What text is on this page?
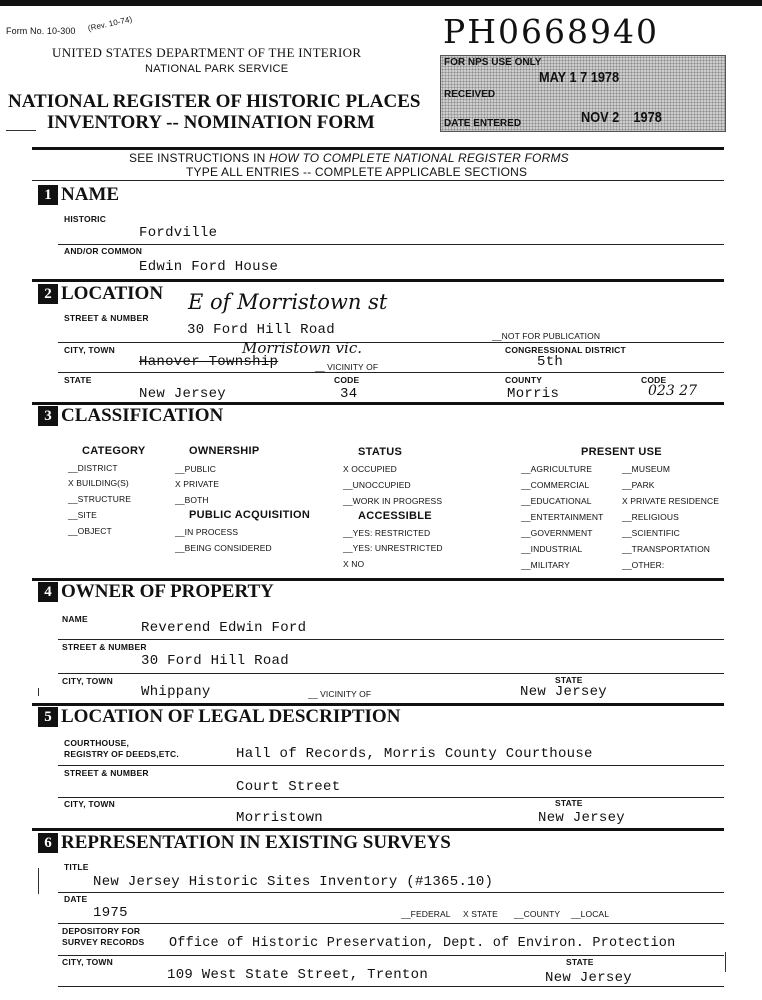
Form No. 10-300 (Rev. 10-74)
UNITED STATES DEPARTMENT OF THE INTERIOR
NATIONAL PARK SERVICE
NATIONAL REGISTER OF HISTORIC PLACES
INVENTORY -- NOMINATION FORM
PH0668940
FOR NPS USE ONLY
RECEIVED
MAY 1 7 1978
DATE ENTERED	NOV 2    1978
SEE INSTRUCTIONS IN HOW TO COMPLETE NATIONAL REGISTER FORMS
TYPE ALL ENTRIES -- COMPLETE APPLICABLE SECTIONS
1 NAME
HISTORIC
Fordville
AND/OR COMMON
Edwin Ford House
2 LOCATION
STREET & NUMBER
E of Morristown st
30 Ford Hill Road	__NOT FOR PUBLICATION
CITY, TOWN
Hanover Township
Morristown vic.
__ VICINITY OF
CONGRESSIONAL DISTRICT
5th
STATE
New Jersey
CODE
34
COUNTY
Morris
CODE
023 27
3 CLASSIFICATION
CATEGORY
__DISTRICT
X BUILDING(S)
__STRUCTURE
__SITE
__OBJECT
OWNERSHIP
__PUBLIC
X PRIVATE
__BOTH
PUBLIC ACQUISITION
__IN PROCESS
__BEING CONSIDERED
STATUS
X OCCUPIED
__UNOCCUPIED
__WORK IN PROGRESS
ACCESSIBLE
__YES: RESTRICTED
__YES: UNRESTRICTED
X NO
PRESENT USE
__AGRICULTURE
__COMMERCIAL
__EDUCATIONAL
__ENTERTAINMENT
__GOVERNMENT
__INDUSTRIAL
__MILITARY
__MUSEUM
__PARK
X PRIVATE RESIDENCE
__RELIGIOUS
__SCIENTIFIC
__TRANSPORTATION
__OTHER:
4 OWNER OF PROPERTY
NAME
Reverend Edwin Ford
STREET & NUMBER
30 Ford Hill Road
CITY, TOWN
Whippany	__ VICINITY OF
STATE
New Jersey
5 LOCATION OF LEGAL DESCRIPTION
COURTHOUSE,
REGISTRY OF DEEDS,ETC.	Hall of Records, Morris County Courthouse
STREET & NUMBER
Court Street
CITY, TOWN
Morristown
STATE
New Jersey
6 REPRESENTATION IN EXISTING SURVEYS
TITLE
New Jersey Historic Sites Inventory (#1365.10)
DATE
1975	__FEDERAL X STATE __COUNTY __LOCAL
DEPOSITORY FOR
SURVEY RECORDS Office of Historic Preservation, Dept. of Environ. Protection
CITY, TOWN
109 West State Street, Trenton
STATE
New Jersey
